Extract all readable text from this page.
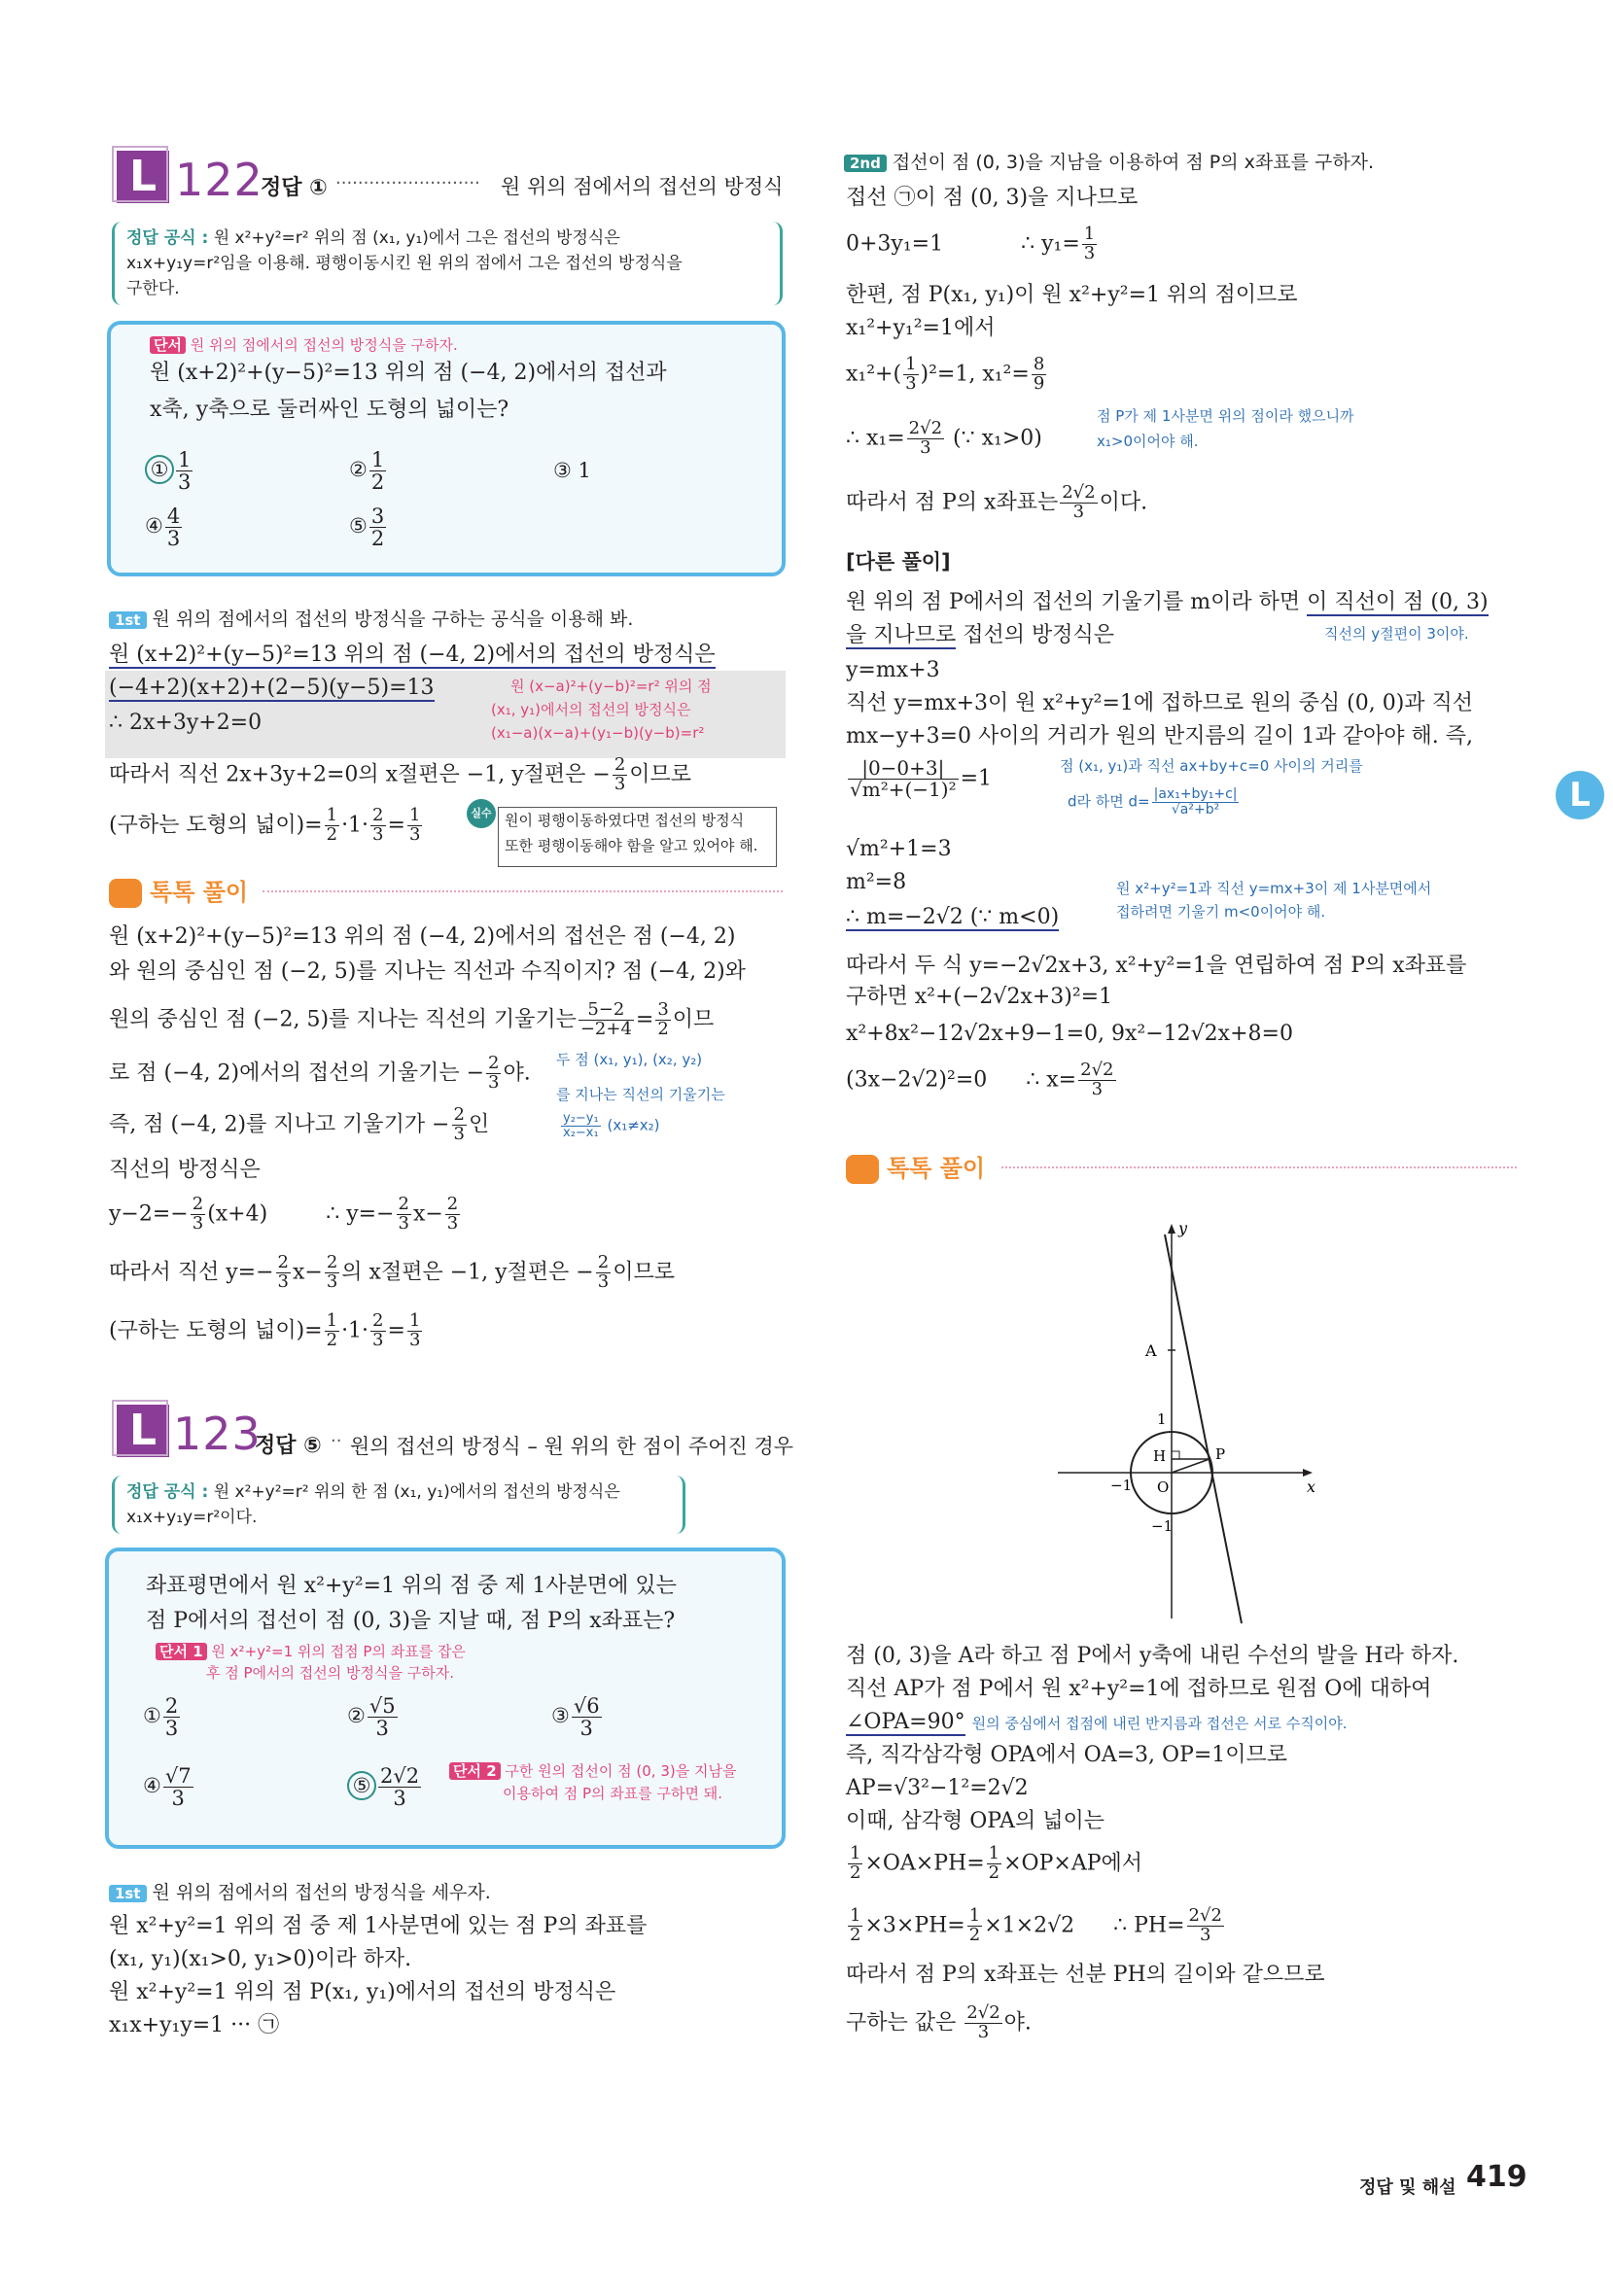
L 122
정답 ① ·························· 원 위의 점에서의 접선의 방정식
정답 공식 : 원 x²+y²=r² 위의 점 (x₁, y₁)에서 그은 접선의 방정식은
x₁x+y₁y=r²임을 이용해. 평행이동시킨 원 위의 점에서 그은 접선의 방정식을
구한다.
단서 원 위의 점에서의 접선의 방정식을 구하자.
원 (x+2)²+(y−5)²=13 위의 점 (−4, 2)에서의 접선과
x축, y축으로 둘러싸인 도형의 넓이는?
① $\frac{1}{3}$	② $\frac{1}{2}$	③ 1
④ $\frac{4}{3}$	⑤ $\frac{3}{2}$
1st 원 위의 점에서의 접선의 방정식을 구하는 공식을 이용해 봐.
원 (x+2)²+(y−5)²=13 위의 점 (−4, 2)에서의 접선의 방정식은
(−4+2)(x+2)+(2−5)(y−5)=13
∴ 2x+3y+2=0
원 (x−a)²+(y−b)²=r² 위의 점
(x₁, y₁)에서의 접선의 방정식은
(x₁−a)(x−a)+(y₁−b)(y−b)=r²
따라서 직선 2x+3y+2=0의 x절편은 −1, y절편은 − $\frac{2}{3}$ 이므로
(구하는 도형의 넓이)= $\frac{1}{2} \cdot 1\cdot \frac{2}{3} = \frac{1}{3}$	실수 원이 평행이동하였다면 접선의 방정식
또한 평행이동해야 함을 알고 있어야 해.
톡톡 풀이
원 (x+2)²+(y−5)²=13 위의 점 (−4, 2)에서의 접선은 점 (−4, 2)
와 원의 중심인 점 (−2, 5)를 지나는 직선과 수직이지? 점 (−4, 2)와
원의 중심인 점 (−2, 5)를 지나는 직선의 기울기는 $\frac{5-2}{-2+4} = \frac{3}{2}$ 이므
로 점 (−4, 2)에서의 접선의 기울기는 − $\frac{2}{3}$ 야.
두 점 (x₁, y₁), (x₂, y₂)
를 지나는 직선의 기울기는
$\frac{\text{y₂−y₁}}{\text{x₂−x₁}} (x_1\ne x_2)$
즉, 점 (−4, 2)를 지나고 기울기가 − $\frac{2}{3}$ 인
직선의 방정식은
$y-2=- \frac{2}{3} (x+4)$	∴ $y=- \frac{2}{3} x- \frac{2}{3}$
따라서 직선 $y=- \frac{2}{3} x- \frac{2}{3}$ 의 x절편은 −1, y절편은 − $\frac{2}{3}$ 이므로
(구하는 도형의 넓이)= $\frac{1}{2} \cdot 1\cdot \frac{2}{3} = \frac{1}{3}$
L 123
정답 ⑤ ·· 원의 접선의 방정식 – 원 위의 한 점이 주어진 경우
정답 공식 : 원 x²+y²=r² 위의 한 점 (x₁, y₁)에서의 접선의 방정식은
x₁x+y₁y=r²이다.
좌표평면에서 원 x²+y²=1 위의 점 중 제 1사분면에 있는
점 P에서의 접선이 점 (0, 3)을 지날 때, 점 P의 x좌표는?
단서 1 원 x²+y²=1 위의 접점 P의 좌표를 잡은
후 점 P에서의 접선의 방정식을 구하자.
① $\frac{2}{3}$	② $\frac{√5}{3}$	③ $\frac{√6}{3}$
④ $\frac{√7}{3}$	⑤ $\frac{2√2}{3}$ 단서 2 구한 원의 접선이 점 (0, 3)을 지남을
이용하여 점 P의 좌표를 구하면 돼.
1st 원 위의 점에서의 접선의 방정식을 세우자.
원 x²+y²=1 위의 점 중 제 1사분면에 있는 점 P의 좌표를
(x₁, y₁)(x₁>0, y₁>0)이라 하자.
원 x²+y²=1 위의 점 P(x₁, y₁)에서의 접선의 방정식은
x₁x+y₁y=1 ··· ㉠
2nd 접선이 점 (0, 3)을 지남을 이용하여 점 P의 x좌표를 구하자.
접선 ㉠이 점 (0, 3)을 지나므로
0+3y₁=1	∴ $y_1= \frac{1}{3}$
한편, 점 P(x₁, y₁)이 원 x²+y²=1 위의 점이므로
x₁²+y₁²=1에서
$x_1^2+( \frac{1}{3} )^2=1$, $x_1^2= \frac{8}{9}$
∴ $x_1= \frac{2√2}{3}$ (∵ x₁>0)
점 P가 제 1사분면 위의 점이라 했으니까
x₁>0이어야 해.
따라서 점 P의 x좌표는 $\frac{2√2}{3}$ 이다.
[다른 풀이]
원 위의 점 P에서의 접선의 기울기를 m이라 하면 이 직선이 점 (0, 3)
을 지나므로 접선의 방정식은	직선의 y절편이 3이야.
y=mx+3
직선 y=mx+3이 원 x²+y²=1에 접하므로 원의 중심 (0, 0)과 직선
mx−y+3=0 사이의 거리가 원의 반지름의 길이 1과 같아야 해. 즉,
$\frac{|0-0+3|}{\text{√m²+(−1)²}} =1$
점 (x₁, y₁)과 직선 ax+by+c=0 사이의 거리를
d라 하면 $d= \frac{\text{|ax₁+by₁+c|}}{\text{√a²+b²}}$
√m²+1=3
m²=8
∴ m=−2√2 (∵ m<0)
원 x²+y²=1과 직선 y=mx+3이 제 1사분면에서
접하려면 기울기 m<0이어야 해.
따라서 두 식 y=−2√2x+3, x²+y²=1을 연립하여 점 P의 x좌표를
구하면 x²+(−2√2x+3)²=1
x²+8x²−12√2x+9−1=0, 9x²−12√2x+8=0
(3x−2√2)²=0 ∴ $x= \frac{2√2}{3}$
톡톡 풀이
y
x
A
1
H	P
−1 O
−1
점 (0, 3)을 A라 하고 점 P에서 y축에 내린 수선의 발을 H라 하자.
직선 AP가 점 P에서 원 x²+y²=1에 접하므로 원점 O에 대하여
∠OPA=90° 원의 중심에서 접점에 내린 반지름과 접선은 서로 수직이야.
즉, 직각삼각형 OPA에서 OA=3, OP=1이므로
AP=√3²−1²=2√2
이때, 삼각형 OPA의 넓이는
$\frac{1}{2} \times OA\times PH= \frac{1}{2} \times OP\times AP$에서
$\frac{1}{2} \times 3\times PH= \frac{1}{2} \times 1\times 2√2$ ∴ $PH= \frac{2√2}{3}$
따라서 점 P의 x좌표는 선분 PH의 길이와 같으므로
구하는 값은 $\frac{2√2}{3}$ 야.
L
정답 및 해설 419
